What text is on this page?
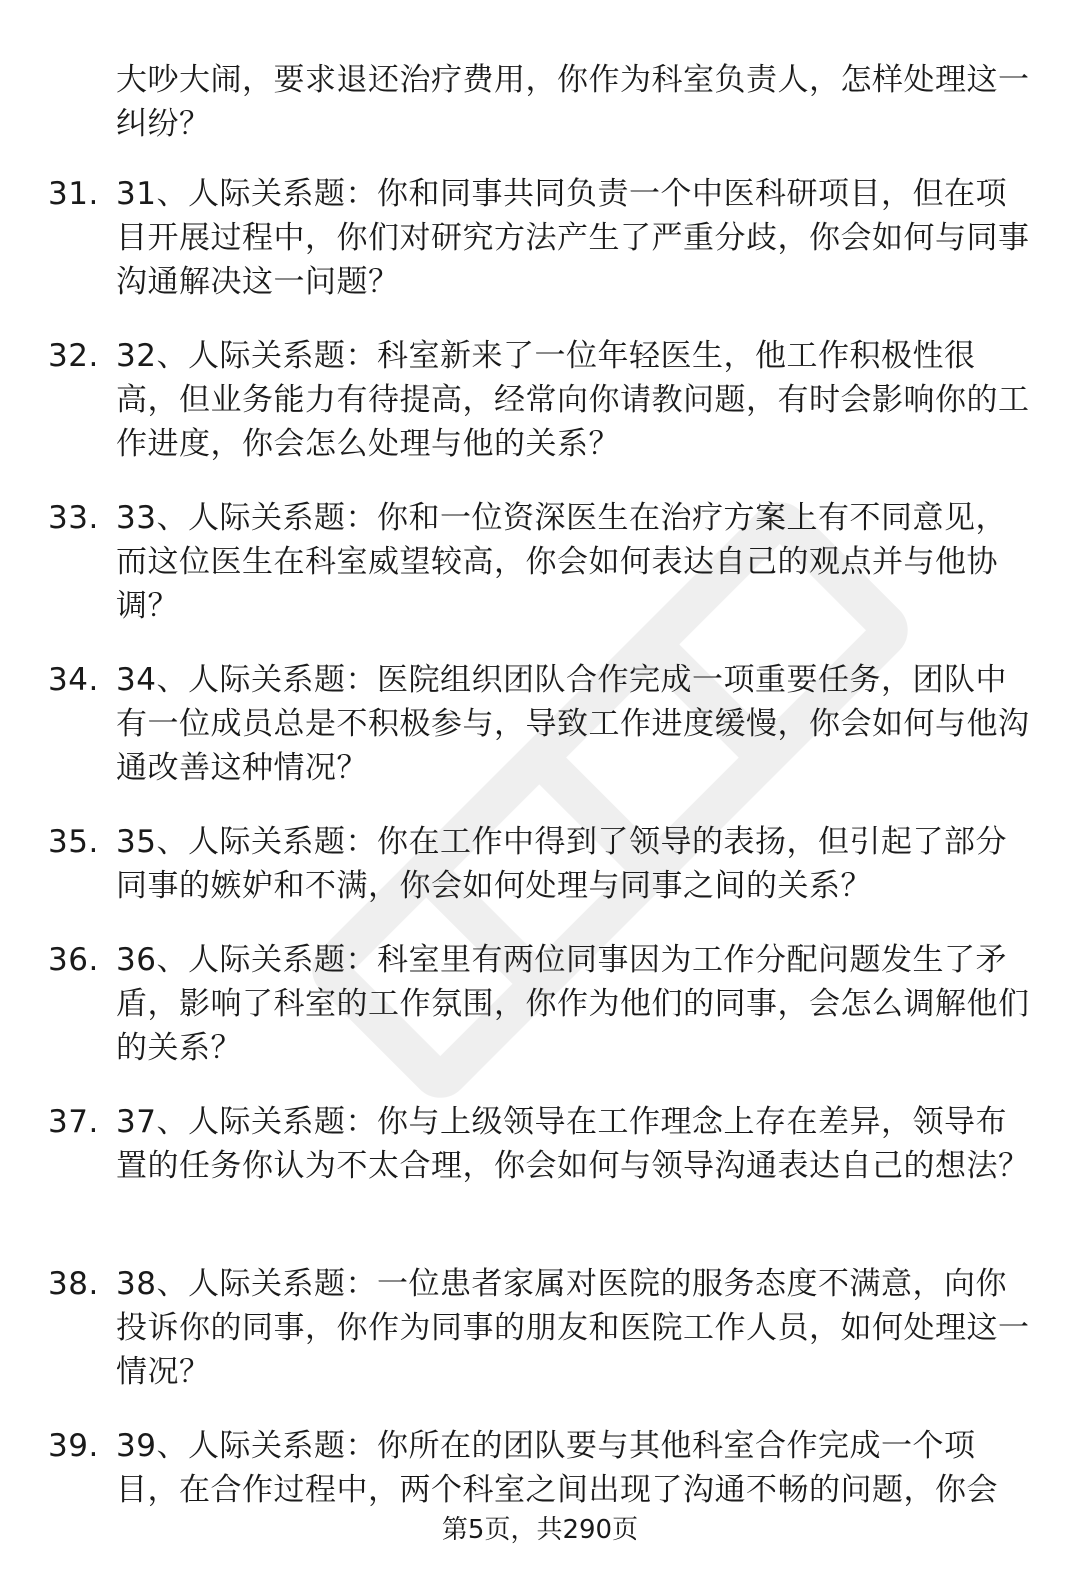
大吵大闹，要求退还治疗费用，你作为科室负责人，怎样处理这一纠纷？
31. 31、人际关系题：你和同事共同负责一个中医科研项目，但在项目开展过程中，你们对研究方法产生了严重分歧，你会如何与同事沟通解决这一问题？
32. 32、人际关系题：科室新来了一位年轻医生，他工作积极性很高，但业务能力有待提高，经常向你请教问题，有时会影响你的工作进度，你会怎么处理与他的关系？
33. 33、人际关系题：你和一位资深医生在治疗方案上有不同意见，而这位医生在科室威望较高，你会如何表达自己的观点并与他协调？
34. 34、人际关系题：医院组织团队合作完成一项重要任务，团队中有一位成员总是不积极参与，导致工作进度缓慢，你会如何与他沟通改善这种情况？
35. 35、人际关系题：你在工作中得到了领导的表扬，但引起了部分同事的嫉妒和不满，你会如何处理与同事之间的关系？
36. 36、人际关系题：科室里有两位同事因为工作分配问题发生了矛盾，影响了科室的工作氛围，你作为他们的同事，会怎么调解他们的关系？
37. 37、人际关系题：你与上级领导在工作理念上存在差异，领导布置的任务你认为不太合理，你会如何与领导沟通表达自己的想法？
38. 38、人际关系题：一位患者家属对医院的服务态度不满意，向你投诉你的同事，你作为同事的朋友和医院工作人员，如何处理这一情况？
39. 39、人际关系题：你所在的团队要与其他科室合作完成一个项目，在合作过程中，两个科室之间出现了沟通不畅的问题，你会
第5页，共290页
